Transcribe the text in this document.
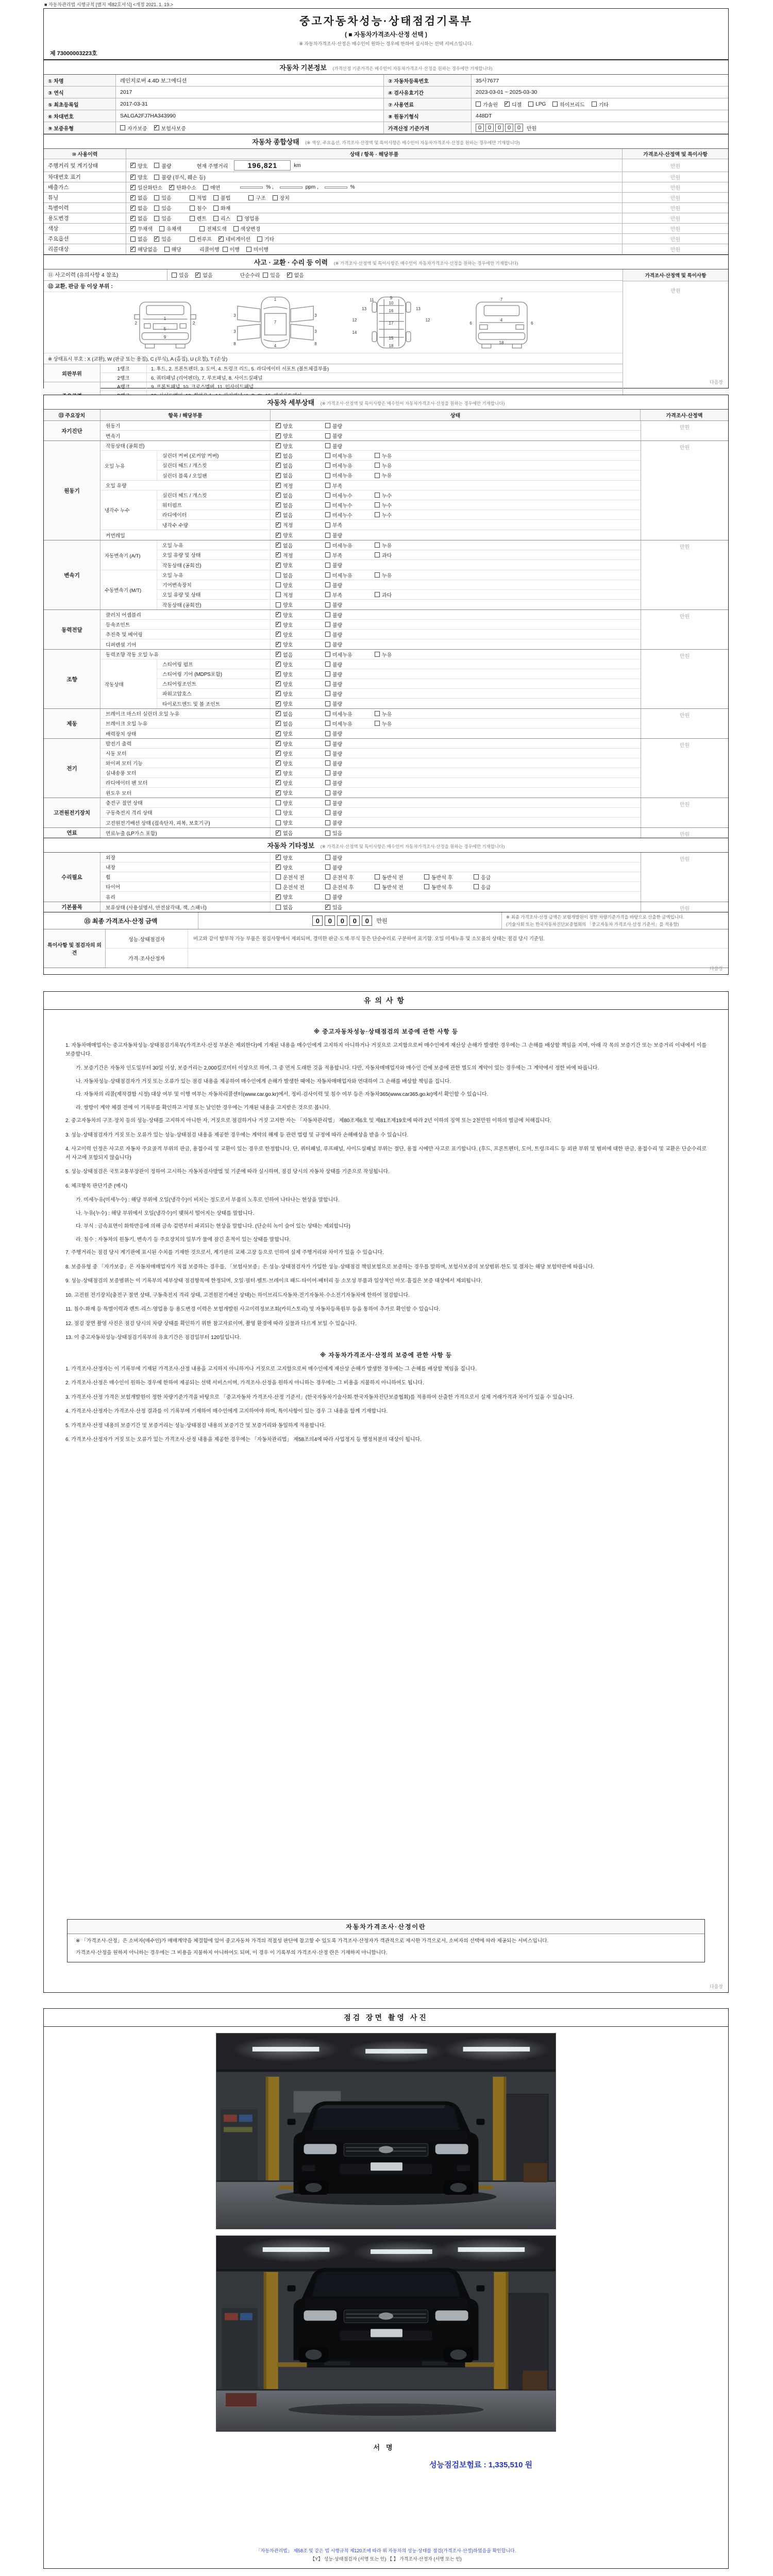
■ 자동차관리법 시행규칙 [별지 제82호서식] <개정 2021. 1. 19.>
중고자동차성능·상태점검기록부
( ■ 자동차가격조사·산정 선택 )
※ 자동차가격조사·산정은 매수인이 원하는 경우에 한하여 실시하는 선택 서비스입니다.
제 73000003223호
자동차 기본정보 (가격산정 기준가격은 매수인이 자동차가격조사·산정을 원하는 경우에만 기재합니다)
① 차명	레인지로버 4.4D 보그에디션	② 자동차등록번호	35사7677
③ 연식	2017	④ 검사유효기간	2023-03-01 ~ 2025-03-30
⑤ 최초등록일	2017-03-31	⑦ 사용연료	가솔린 ✓	디젤	LPG	하이브리드	기타
⑥ 차대번호	SALGA2FJ7HA343990	⑧ 원동기형식	448DT
⑨ 보증유형	자가보증 ✓	보험사보증	가격산정 기준가격	0	0	0	0	0	만원
자동차 종합상태 (※ 색상, 주요옵션, 가격조사·산정액 및 특이사항은 매수인이 자동차가격조사·산정을 원하는 경우에만 기재합니다)
⑩ 사용이력	상태 / 항목 · 해당부품	가격조사·산정액 및 특이사항
주행거리 및 계기상태 ✓	양호	불량	현재 주행거리	196,821	km	만원
차대번호 표기 ✓	양호	불량 (부식, 훼손 등)	만원
배출가스 ✓	일산화탄소 ✓	탄화수소	매연	% ,	ppm ,	%	만원
튜닝 ✓	없음	있음	적법	불법	구조	장치	만원
특별이력 ✓	없음	있음	침수	화재	만원
용도변경 ✓	없음	있음	렌트	리스	영업용	만원
색상 ✓	무채색	유채색	전체도색	색상변경	만원
주요옵션	없음 ✓	있음	썬루프 ✓	네비게이션	기타	만원
리콜대상 ✓	해당없음	해당	리콜이행 이행	미이행	만원
사고 · 교환 · 수리 등 이력 (※ 가격조사·산정액 및 특이사항은 매수인이 자동차가격조사·산정을 원하는 경우에만 기재합니다)
⑪ 사고이력 (유의사항 4 참조)	있음 ✓	없음	단순수리 있음 ✓	없음
⑫ 교환, 판금 등 이상 부위 :
1
2	2
5
9
1
7
3	3
3	3
8	8
4
9
10
11
13	13
16
12	12
17
14
15
18
7
4
6	6
18
※ 상태표시 부호 : X (교환), W (판금 또는 용접), C (부식), A (흠집), U (요철), T (손상)
외판부위
1랭크	1. 후드, 2. 프론트펜더, 3. 도어, 4. 트렁크 리드, 5. 라디에이터 서포트 (볼트체결부품)
2랭크	6. 쿼터패널 (리어펜더), 7. 루프패널, 8. 사이드실패널
A랭크	9. 프론트패널, 10. 크로스멤버, 11. 인사이드패널
가격조사·산정액 및 특이사항
만원
다음장
자동차 세부상태 (※ 가격조사·산정액 및 특이사항은 매수인이 자동차가격조사·산정을 원하는 경우에만 기재합니다)
⑬ 주요장치	항목 / 해당부품	상태	가격조사·산정액
자기진단
원동기 ✓	양호	불량
변속기 ✓	양호	불량
만원
원동기
작동상태 (공회전) ✓	양호	불량
오일 누유
실린더 커버 (로커암 커버) ✓	없음	미세누유	누유
실린더 헤드 / 개스킷 ✓	없음	미세누유	누유
실린더 블록 / 오일팬 ✓	없음	미세누유	누유
오일 유량 ✓	적정	부족
냉각수 누수
실린더 헤드 / 개스킷 ✓	없음	미세누수	누수
워터펌프 ✓	없음	미세누수	누수
라디에이터 ✓	없음	미세누수	누수
냉각수 수량 ✓	적정	부족
커먼레일 ✓	양호	불량
만원
변속기
자동변속기 (A/T)
오일 누유 ✓	없음	미세누유	누유
오일 유량 및 상태 ✓	적정	부족	과다
작동상태 (공회전) ✓	양호	불량
수동변속기 (M/T)
오일 누유	없음	미세누유	누유
기어변속장치	양호	불량
오일 유량 및 상태	적정	부족	과다
작동상태 (공회전)	양호	불량
만원
동력전달
클러치 어셈블리 ✓	양호	불량
등속조인트 ✓	양호	불량
추진축 및 베어링 ✓	양호	불량
디퍼렌셜 기어 ✓	양호	불량
만원
조향
동력조향 작동 오일 누유 ✓	없음	미세누유	누유
작동상태
스티어링 펌프 ✓	양호	불량
스티어링 기어 (MDPS포함) ✓	양호	불량
스티어링조인트 ✓	양호	불량
파워고압호스 ✓	양호	불량
타이로드엔드 및 볼 조인트 ✓	양호	불량
만원
제동
브레이크 마스터 실린더 오일 누유 ✓	없음	미세누유	누유
브레이크 오일 누유 ✓	없음	미세누유	누유
배력장치 상태 ✓	양호	불량
만원
전기
발전기 출력 ✓	양호	불량
시동 모터 ✓	양호	불량
와이퍼 모터 기능 ✓	양호	불량
실내송풍 모터 ✓	양호	불량
라디에이터 팬 모터 ✓	양호	불량
윈도우 모터 ✓	양호	불량
만원
고전원전기장치
충전구 절연 상태	양호	불량
구동축전지 격리 상태	양호	불량
고전원전기배선 상태 (접속단자, 피복, 보호기구)	양호	불량
만원
연료	연료누출 (LP가스 포함) ✓	없음	있음	만원
자동차 기타정보 (※ 가격조사·산정액 및 특이사항은 매수인이 자동차가격조사·산정을 원하는 경우에만 기재합니다)
수리필요
외장 ✓	양호	불량
내장 ✓	양호	불량
휠	운전석 전	운전석 후	동반석 전	동반석 후	응급
타이어	운전석 전	운전석 후	동반석 전	동반석 후	응급
유리 ✓	양호	불량
만원
기본품목	보유상태 (사용설명서, 안전삼각대, 잭, 스패너)	없음 ✓	있음	만원
⑮ 최종 가격조사·산정 금액	0	0	0	0	0	만원
※ 최종 가격조사·산정 금액은 보험개발원이 정한 차량기준가격을 바탕으로 산출한 금액입니다.
(기술사회 또는 한국자동차진단보증협회의 「중고자동차 가격조사·산정 기준서」를 적용함)
특이사항 및 점검자의 의견
성능·상태점검자	비고와 같이 탈부착 가능 부품은 점검사항에서 제외되며, 경미한 판금·도색·부식 등은 단순수리로 구분하여 표기함. 오일 미세누유 및 소모품의 상태는 점검 당시 기준임.
가격·조사산정자
다음장
유의사항
※ 중고자동차성능·상태점검의 보증에 관한 사항 등
1. 자동차매매업자는 중고자동차성능·상태점검기록부(가격조사·산정 부분은 제외한다)에 기재된 내용을 매수인에게 고지하지 아니하거나 거짓으로 고지함으로써 매수인에게 재산상 손해가 발생한 경우에는 그 손해를 배상할 책임을 지며, 아래 각 목의 보증기간 또는 보증거리 이내에서 이를 보증합니다.
가. 보증기간은 자동차 인도일부터 30일 이상, 보증거리는 2,000킬로미터 이상으로 하며, 그 중 먼저 도래한 것을 적용합니다. 다만, 자동차매매업자와 매수인 간에 보증에 관한 별도의 계약이 있는 경우에는 그 계약에서 정한 바에 따릅니다.
나. 자동차성능·상태점검자가 거짓 또는 오류가 있는 점검 내용을 제공하여 매수인에게 손해가 발생한 때에는 자동차매매업자와 연대하여 그 손해를 배상할 책임을 집니다.
다. 자동차의 리콜(제작결함 시정) 대상 여부 및 이행 여부는 자동차리콜센터(www.car.go.kr)에서, 정비·검사이력 및 침수 여부 등은 자동차365(www.car365.go.kr)에서 확인할 수 있습니다.
라. 쌍방이 계약 체결 전에 이 기록부를 확인하고 서명 또는 날인한 경우에는 기재된 내용을 고지받은 것으로 봅니다.
2. 중고자동차의 구조·장치 등의 성능·상태를 고지하지 아니한 자, 거짓으로 점검하거나 거짓 고지한 자는 「자동차관리법」 제80조제6호 및 제81조제19호에 따라 2년 이하의 징역 또는 2천만원 이하의 벌금에 처해집니다.
3. 성능·상태점검자가 거짓 또는 오류가 있는 성능·상태점검 내용을 제공한 경우에는 계약의 해제 등 관련 법령 및 규정에 따라 손해배상을 받을 수 있습니다.
4. 사고이력 인정은 사고로 자동차 주요골격 부위의 판금, 용접수리 및 교환이 있는 경우로 한정합니다. 단, 쿼터패널, 루프패널, 사이드실패널 부위는 절단, 용접 시에만 사고로 표기합니다. (후드, 프론트펜더, 도어, 트렁크리드 등 외판 부위 및 범퍼에 대한 판금, 용접수리 및 교환은 단순수리로서 사고에 포함되지 않습니다)
5. 성능·상태점검은 국토교통부장관이 정하여 고시하는 자동차검사방법 및 기준에 따라 실시하며, 점검 당시의 자동차 상태를 기준으로 작성됩니다.
6. 체크항목 판단기준 (예시)
가. 미세누유(미세누수) : 해당 부위에 오일(냉각수)이 비치는 정도로서 부품의 노후로 인하여 나타나는 현상을 말합니다.
나. 누유(누수) : 해당 부위에서 오일(냉각수)이 맺혀서 떨어지는 상태를 말합니다.
다. 부식 : 금속표면이 화학반응에 의해 금속 겉면부터 파괴되는 현상을 말합니다. (단순히 녹이 슬어 있는 상태는 제외합니다)
라. 침수 : 자동차의 원동기, 변속기 등 주요장치의 일부가 물에 잠긴 흔적이 있는 상태를 말합니다.
7. 주행거리는 점검 당시 계기판에 표시된 수치를 기재한 것으로서, 계기판의 교체·고장 등으로 인하여 실제 주행거리와 차이가 있을 수 있습니다.
8. 보증유형 중 「자가보증」은 자동차매매업자가 직접 보증하는 경우를, 「보험사보증」은 성능·상태점검자가 가입한 성능·상태점검 책임보험으로 보증하는 경우를 말하며, 보험사보증의 보상범위·한도 및 절차는 해당 보험약관에 따릅니다.
9. 성능·상태점검의 보증범위는 이 기록부의 세부상태 점검항목에 한정되며, 오일·필터·벨트·브레이크 패드·타이어·배터리 등 소모성 부품과 일상적인 마모·흠집은 보증 대상에서 제외됩니다.
10. 고전원 전기장치(충전구 절연 상태, 구동축전지 격리 상태, 고전원전기배선 상태)는 하이브리드자동차·전기자동차·수소전기자동차에 한하여 점검합니다.
11. 침수·화재 등 특별이력과 렌트·리스·영업용 등 용도변경 이력은 보험개발원 사고이력정보조회(카히스토리) 및 자동차등록원부 등을 통하여 추가로 확인할 수 있습니다.
12. 점검 장면 촬영 사진은 점검 당시의 차량 상태를 확인하기 위한 참고자료이며, 촬영 환경에 따라 실물과 다르게 보일 수 있습니다.
13. 이 중고자동차성능·상태점검기록부의 유효기간은 점검일부터 120일입니다.
※ 자동차가격조사·산정의 보증에 관한 사항 등
1. 가격조사·산정자는 이 기록부에 기재된 가격조사·산정 내용을 고지하지 아니하거나 거짓으로 고지함으로써 매수인에게 재산상 손해가 발생한 경우에는 그 손해를 배상할 책임을 집니다.
2. 가격조사·산정은 매수인이 원하는 경우에 한하여 제공되는 선택 서비스이며, 가격조사·산정을 원하지 아니하는 경우에는 그 비용을 지불하지 아니하여도 됩니다.
3. 가격조사·산정 가격은 보험개발원이 정한 차량기준가격을 바탕으로 「중고자동차 가격조사·산정 기준서」(한국자동차기술사회·한국자동차진단보증협회)를 적용하여 산출한 가격으로서 실제 거래가격과 차이가 있을 수 있습니다.
4. 가격조사·산정자는 가격조사·산정 결과를 이 기록부에 기재하여 매수인에게 고지하여야 하며, 특이사항이 있는 경우 그 내용을 함께 기재합니다.
5. 가격조사·산정 내용의 보증기간 및 보증거리는 성능·상태점검 내용의 보증기간 및 보증거리와 동일하게 적용합니다.
6. 가격조사·산정자가 거짓 또는 오류가 있는 가격조사·산정 내용을 제공한 경우에는 「자동차관리법」 제58조의4에 따라 사업정지 등 행정처분의 대상이 됩니다.
자동차가격조사·산정이란
※ 「가격조사·산정」은 소비자(매수인)가 매매계약을 체결함에 있어 중고자동차 가격의 적절성 판단에 참고할 수 있도록 가격조사·산정자가 객관적으로 제시한 가격으로서, 소비자의 선택에 따라 제공되는 서비스입니다.
가격조사·산정을 원하지 아니하는 경우에는 그 비용을 지불하지 아니하여도 되며, 이 경우 이 기록부의 가격조사·산정 란은 기재하지 아니합니다.
다음장
점검 장면 촬영 사진
서명
성능점검보험료 : 1,335,510 원
「자동차관리법」 제58조 및 같은 법 시행규칙 제120조에 따라 위 자동차의 성능·상태를 점검(가격조사·산정)하였음을 확인합니다.
【Y】 성능·상태점검자 (서명 또는 인) 【 】 가격조사·산정자 (서명 또는 인)
